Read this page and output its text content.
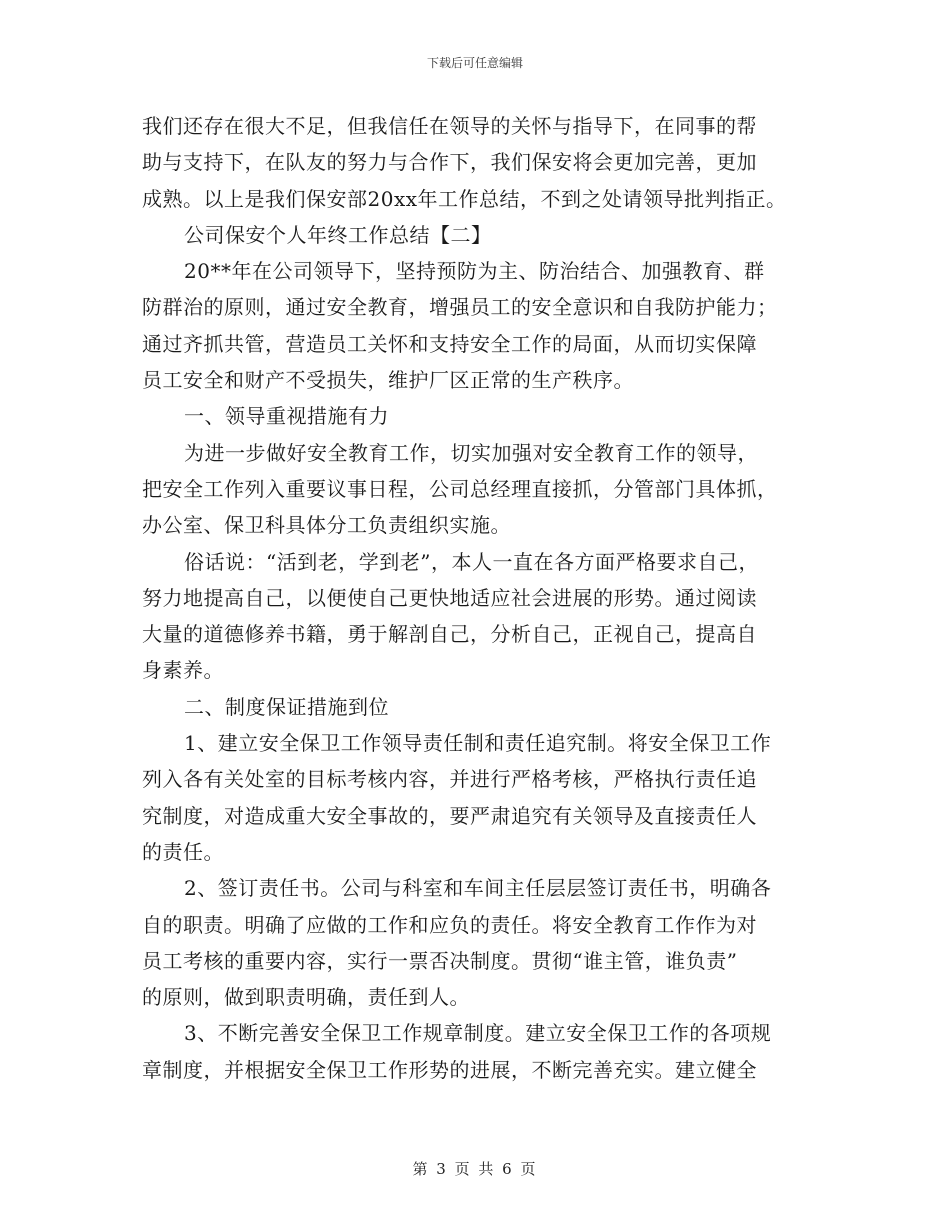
下载后可任意编辑
我们还存在很大不足，但我信任在领导的关怀与指导下，在同事的帮
助与支持下，在队友的努力与合作下，我们保安将会更加完善，更加
成熟。以上是我们保安部20xx年工作总结，不到之处请领导批判指正。
公司保安个人年终工作总结【二】
20**年在公司领导下，坚持预防为主、防治结合、加强教育、群
防群治的原则，通过安全教育，增强员工的安全意识和自我防护能力；
通过齐抓共管，营造员工关怀和支持安全工作的局面，从而切实保障
员工安全和财产不受损失，维护厂区正常的生产秩序。
一、领导重视措施有力
为进一步做好安全教育工作，切实加强对安全教育工作的领导，
把安全工作列入重要议事日程，公司总经理直接抓，分管部门具体抓，
办公室、保卫科具体分工负责组织实施。
俗话说：“活到老，学到老”，本人一直在各方面严格要求自己，
努力地提高自己，以便使自己更快地适应社会进展的形势。通过阅读
大量的道德修养书籍，勇于解剖自己，分析自己，正视自己，提高自
身素养。
二、制度保证措施到位
1、建立安全保卫工作领导责任制和责任追究制。将安全保卫工作
列入各有关处室的目标考核内容，并进行严格考核，严格执行责任追
究制度，对造成重大安全事故的，要严肃追究有关领导及直接责任人
的责任。
2、签订责任书。公司与科室和车间主任层层签订责任书，明确各
自的职责。明确了应做的工作和应负的责任。将安全教育工作作为对
员工考核的重要内容，实行一票否决制度。贯彻“谁主管，谁负责”
的原则，做到职责明确，责任到人。
3、不断完善安全保卫工作规章制度。建立安全保卫工作的各项规
章制度，并根据安全保卫工作形势的进展，不断完善充实。建立健全
第 3 页 共 6 页
